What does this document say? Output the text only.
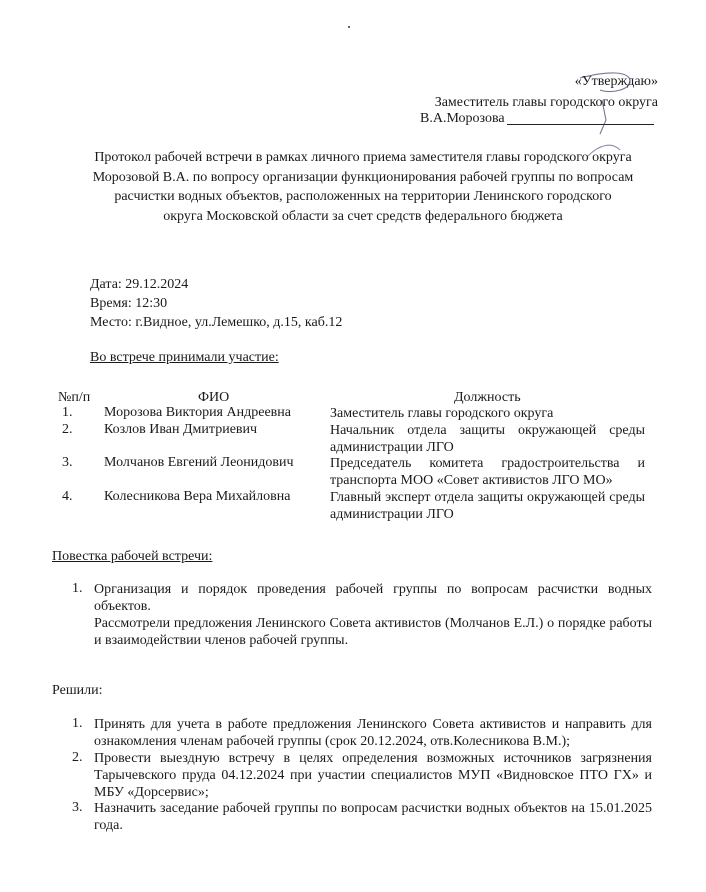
«Утверждаю»
Заместитель главы городского округа
В.А.Морозова
Протокол рабочей встречи в рамках личного приема заместителя главы городского округа
Морозовой В.А. по вопросу организации функционирования рабочей группы по вопросам
расчистки водных объектов, расположенных на территории Ленинского городского
округа Московской области за счет средств федерального бюджета
Дата: 29.12.2024
Время: 12:30
Место: г.Видное, ул.Лемешко, д.15, каб.12
Во встрече принимали участие:
№п/п	ФИО	Должность
1. Морозова Виктория Андреевна	Заместитель главы городского округа
2. Козлов Иван Дмитриевич	Начальник отдела защиты окружающей среды администрации ЛГО
3. Молчанов Евгений Леонидович	Председатель комитета градостроительства и транспорта МОО «Совет активистов ЛГО МО»
4. Колесникова Вера Михайловна	Главный эксперт отдела защиты окружающей среды администрации ЛГО
Повестка рабочей встречи:
1. Организация и порядок проведения рабочей группы по вопросам расчистки водных объектов.
Рассмотрели предложения Ленинского Совета активистов (Молчанов Е.Л.) о порядке работы и взаимодействии членов рабочей группы.
Решили:
1. Принять для учета в работе предложения Ленинского Совета активистов и направить для ознакомления членам рабочей группы (срок 20.12.2024, отв.Колесникова В.М.);
2. Провести выездную встречу в целях определения возможных источников загрязнения Тарычевского пруда 04.12.2024 при участии специалистов МУП «Видновское ПТО ГХ» и МБУ «Дорсервис»;
3. Назначить заседание рабочей группы по вопросам расчистки водных объектов на 15.01.2025 года.
